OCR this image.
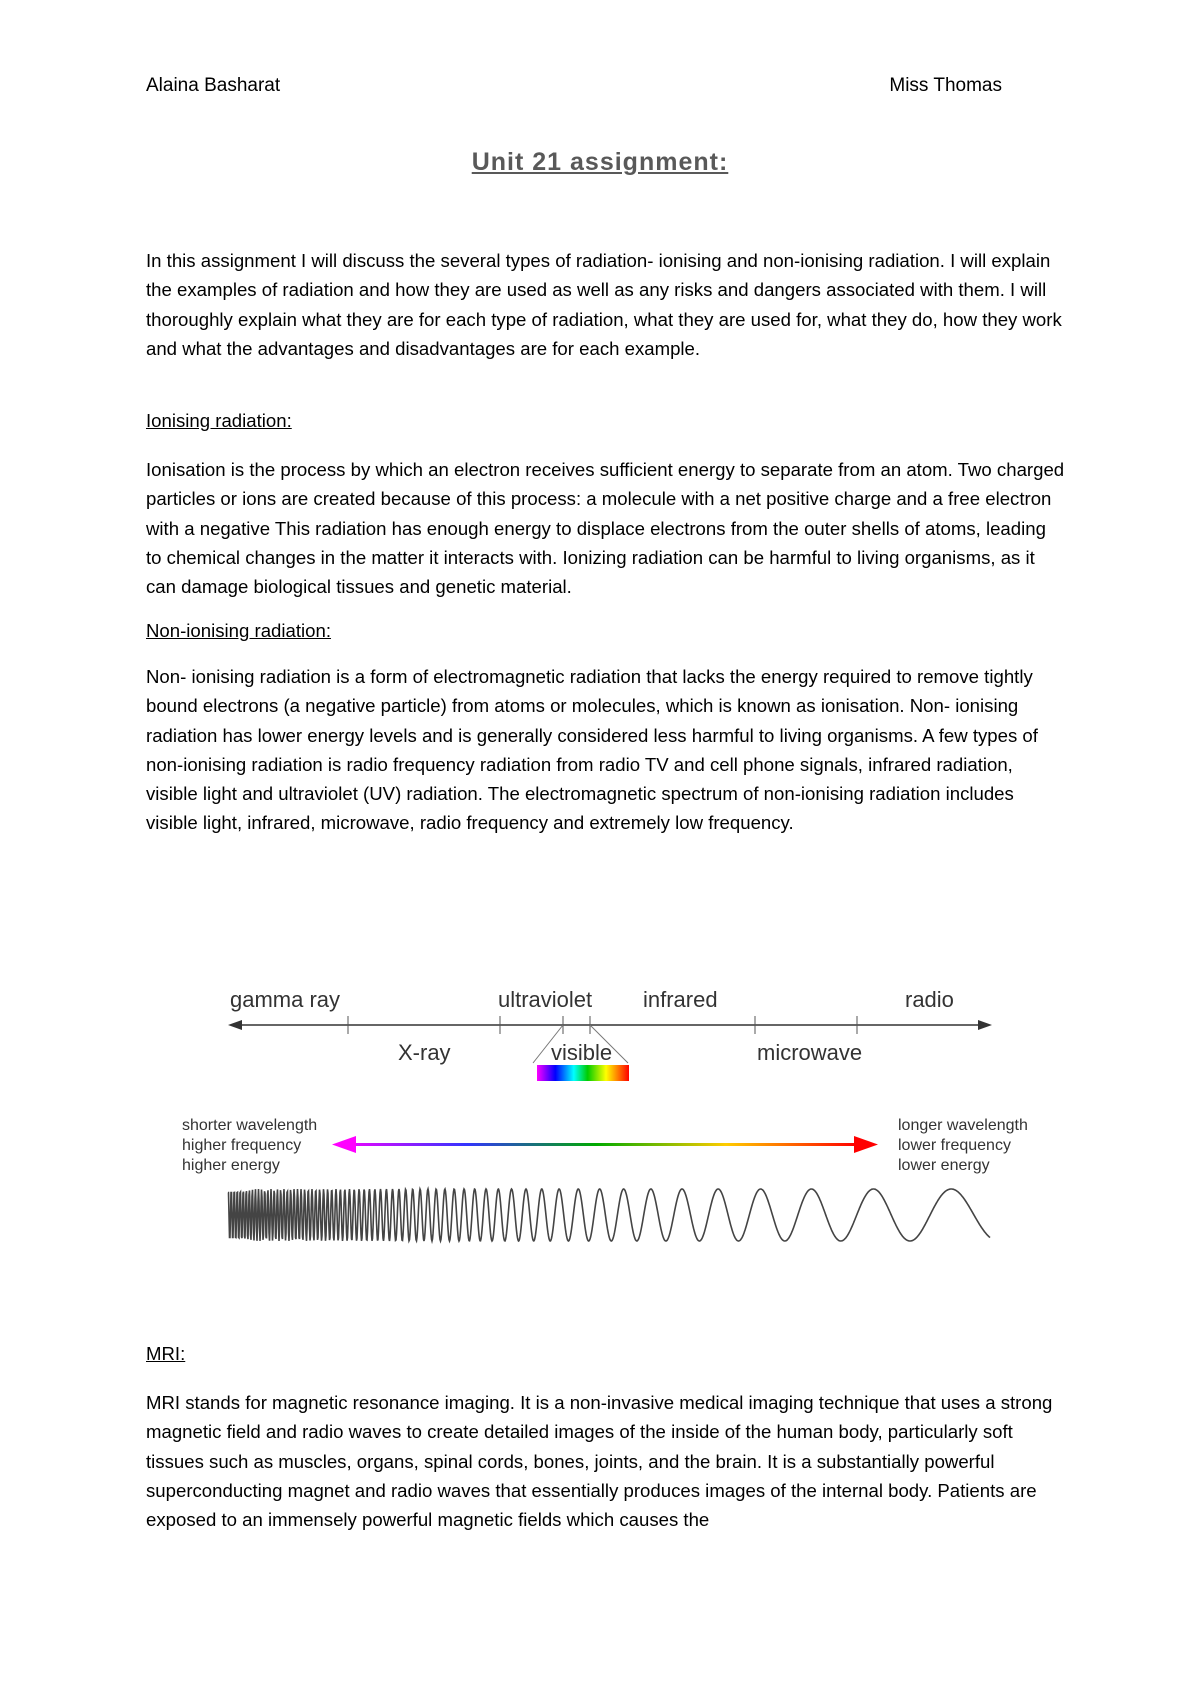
Alaina Basharat	Miss Thomas
Unit 21 assignment:

In this assignment I will discuss the several types of radiation- ionising and non-ionising radiation. I will explain the examples of radiation and how they are used as well as any risks and dangers associated with them. I will thoroughly explain what they are for each type of radiation, what they are used for, what they do, how they work and what the advantages and disadvantages are for each example.

Ionising radiation:

Ionisation is the process by which an electron receives sufficient energy to separate from an atom. Two charged particles or ions are created because of this process: a molecule with a net positive charge and a free electron with a negative This radiation has enough energy to displace electrons from the outer shells of atoms, leading to chemical changes in the matter it interacts with. Ionizing radiation can be harmful to living organisms, as it can damage biological tissues and genetic material.

Non-ionising radiation:

Non- ionising radiation is a form of electromagnetic radiation that lacks the energy required to remove tightly bound electrons (a negative particle) from atoms or molecules, which is known as ionisation. Non- ionising radiation has lower energy levels and is generally considered less harmful to living organisms. A few types of non-ionising radiation is radio frequency radiation from radio TV and cell phone signals, infrared radiation, visible light and ultraviolet (UV) radiation. The electromagnetic spectrum of non-ionising radiation includes visible light, infrared, microwave, radio frequency and extremely low frequency.

gamma ray	ultraviolet infrared	radio
X-ray	visible	microwave
shorter wavelength
higher frequency
higher energy
longer wavelength
lower frequency
lower energy
MRI:

MRI stands for magnetic resonance imaging. It is a non-invasive medical imaging technique that uses a strong magnetic field and radio waves to create detailed images of the inside of the human body, particularly soft tissues such as muscles, organs, spinal cords, bones, joints, and the brain. It is a substantially powerful superconducting magnet and radio waves that essentially produces images of the internal body. Patients are exposed to an immensely powerful magnetic fields which causes the
